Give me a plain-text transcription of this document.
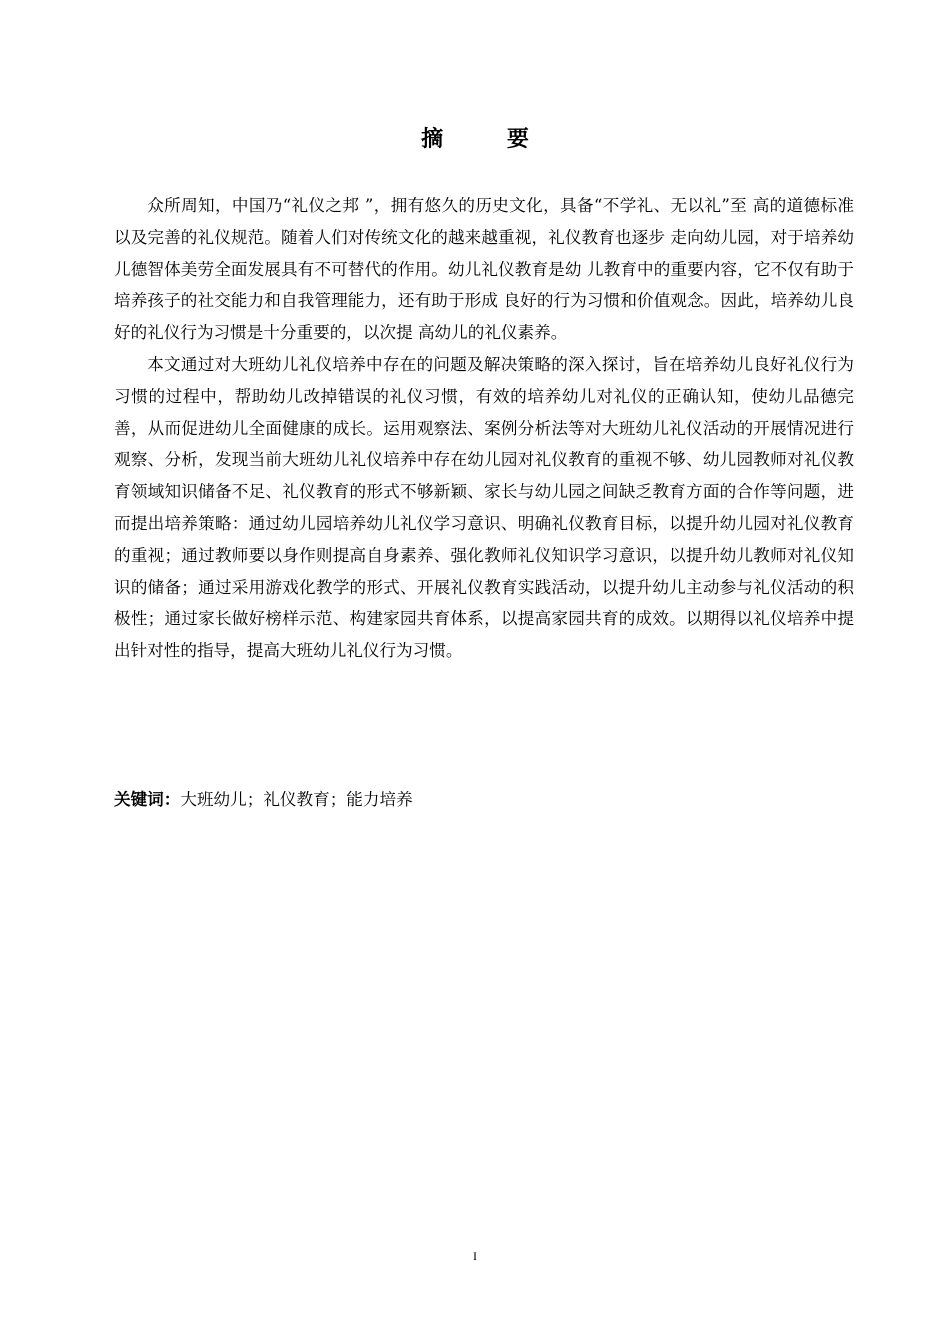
摘 要

众所周知，中国乃“礼仪之邦 ”，拥有悠久的历史文化，具备“不学礼、无以礼”至 高的道德标准以及完善的礼仪规范。随着人们对传统文化的越来越重视，礼仪教育也逐步 走向幼儿园，对于培养幼儿德智体美劳全面发展具有不可替代的作用。幼儿礼仪教育是幼 儿教育中的重要内容，它不仅有助于培养孩子的社交能力和自我管理能力，还有助于形成 良好的行为习惯和价值观念。因此，培养幼儿良好的礼仪行为习惯是十分重要的，以次提 高幼儿的礼仪素养。

本文通过对大班幼儿礼仪培养中存在的问题及解决策略的深入探讨，旨在培养幼儿良好礼仪行为习惯的过程中，帮助幼儿改掉错误的礼仪习惯，有效的培养幼儿对礼仪的正确认知，使幼儿品德完善，从而促进幼儿全面健康的成长。运用观察法、案例分析法等对大班幼儿礼仪活动的开展情况进行观察、分析，发现当前大班幼儿礼仪培养中存在幼儿园对礼仪教育的重视不够、幼儿园教师对礼仪教育领域知识储备不足、礼仪教育的形式不够新颖、家长与幼儿园之间缺乏教育方面的合作等问题，进而提出培养策略：通过幼儿园培养幼儿礼仪学习意识、明确礼仪教育目标，以提升幼儿园对礼仪教育的重视；通过教师要以身作则提高自身素养、强化教师礼仪知识学习意识，以提升幼儿教师对礼仪知识的储备；通过采用游戏化教学的形式、开展礼仪教育实践活动，以提升幼儿主动参与礼仪活动的积极性；通过家长做好榜样示范、构建家园共育体系，以提高家园共育的成效。以期得以礼仪培养中提出针对性的指导，提高大班幼儿礼仪行为习惯。

关键词：大班幼儿；礼仪教育；能力培养
I
